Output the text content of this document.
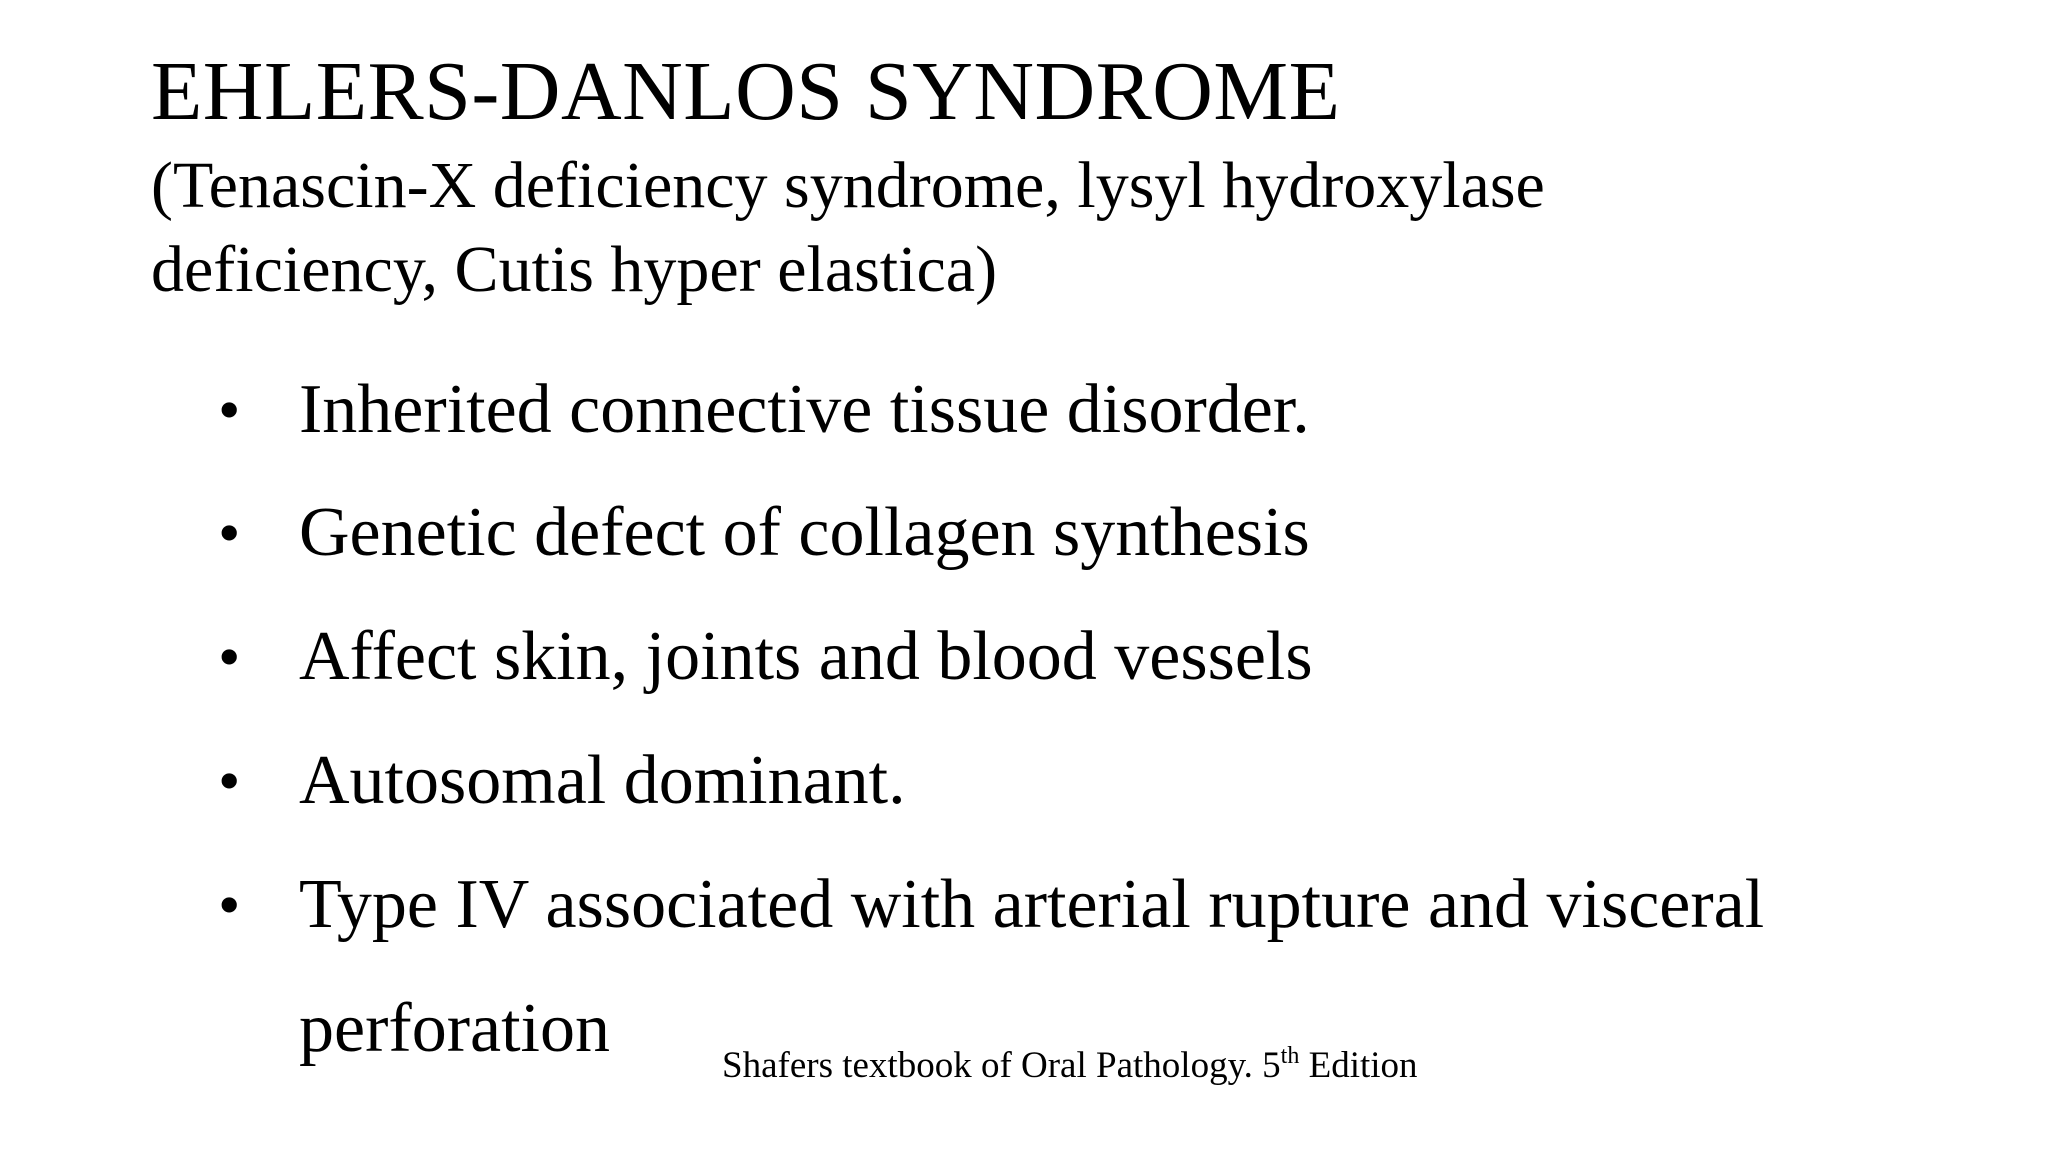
EHLERS-DANLOS SYNDROME
(Tenascin-X deficiency syndrome, lysyl hydroxylase
deficiency, Cutis hyper elastica)
• Inherited connective tissue disorder.
• Genetic defect of collagen synthesis
• Affect skin, joints and blood vessels
• Autosomal dominant.
• Type IV associated with arterial rupture and visceral
perforation	Shafers textbook of Oral Pathology. 5th Edition
